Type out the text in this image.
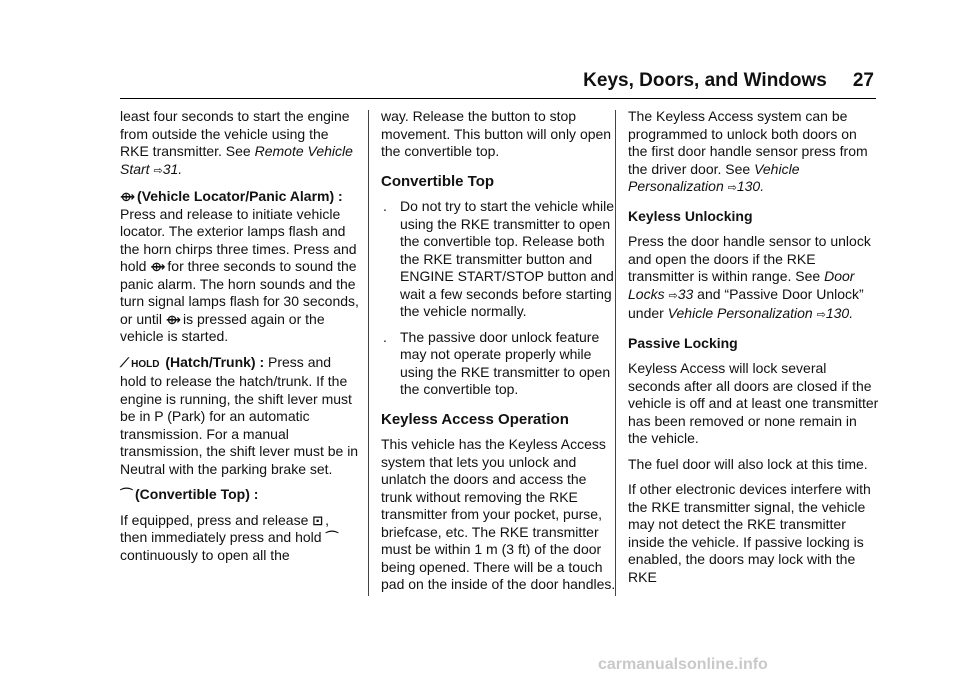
Keys, Doors, and Windows 27

least four seconds to start the engine from outside the vehicle using the RKE transmitter. See Remote Vehicle Start ⇨31.

⟴ (Vehicle Locator/Panic Alarm) : Press and release to initiate vehicle locator. The exterior lamps flash and the horn chirps three times. Press and hold ⟴ for three seconds to sound the panic alarm. The horn sounds and the turn signal lamps flash for 30 seconds, or until ⟴ is pressed again or the vehicle is started.

⟋ HOLD (Hatch/Trunk) : Press and hold to release the hatch/trunk. If the engine is running, the shift lever must be in P (Park) for an automatic transmission. For a manual transmission, the shift lever must be in Neutral with the parking brake set.

⌒ (Convertible Top) :

If equipped, press and release ⊡ , then immediately press and hold ⌒continuously to open all the

way. Release the button to stop movement. This button will only open the convertible top.

Convertible Top
. Do not try to start the vehicle while using the RKE transmitter to open the convertible top. Release both the RKE transmitter button and ENGINE START/STOP button and wait a few seconds before starting the vehicle normally.
. The passive door unlock feature may not operate properly while using the RKE transmitter to open the convertible top.
Keyless Access Operation

This vehicle has the Keyless Access system that lets you unlock and unlatch the doors and access the trunk without removing the RKE transmitter from your pocket, purse, briefcase, etc. The RKE transmitter must be within 1 m (3 ft) of the door being opened. There will be a touch pad on the inside of the door handles.

The Keyless Access system can be programmed to unlock both doors on the first door handle sensor press from the driver door. See Vehicle Personalization ⇨130.

Keyless Unlocking

Press the door handle sensor to unlock and open the doors if the RKE transmitter is within range. See Door Locks ⇨33 and “Passive Door Unlock” under Vehicle Personalization ⇨130.

Passive Locking

Keyless Access will lock several seconds after all doors are closed if the vehicle is off and at least one transmitter has been removed or none remain in the vehicle.

The fuel door will also lock at this time.

If other electronic devices interfere with the RKE transmitter signal, the vehicle may not detect the RKE transmitter inside the vehicle. If passive locking is enabled, the doors may lock with the RKE

carmanualsonline.info
